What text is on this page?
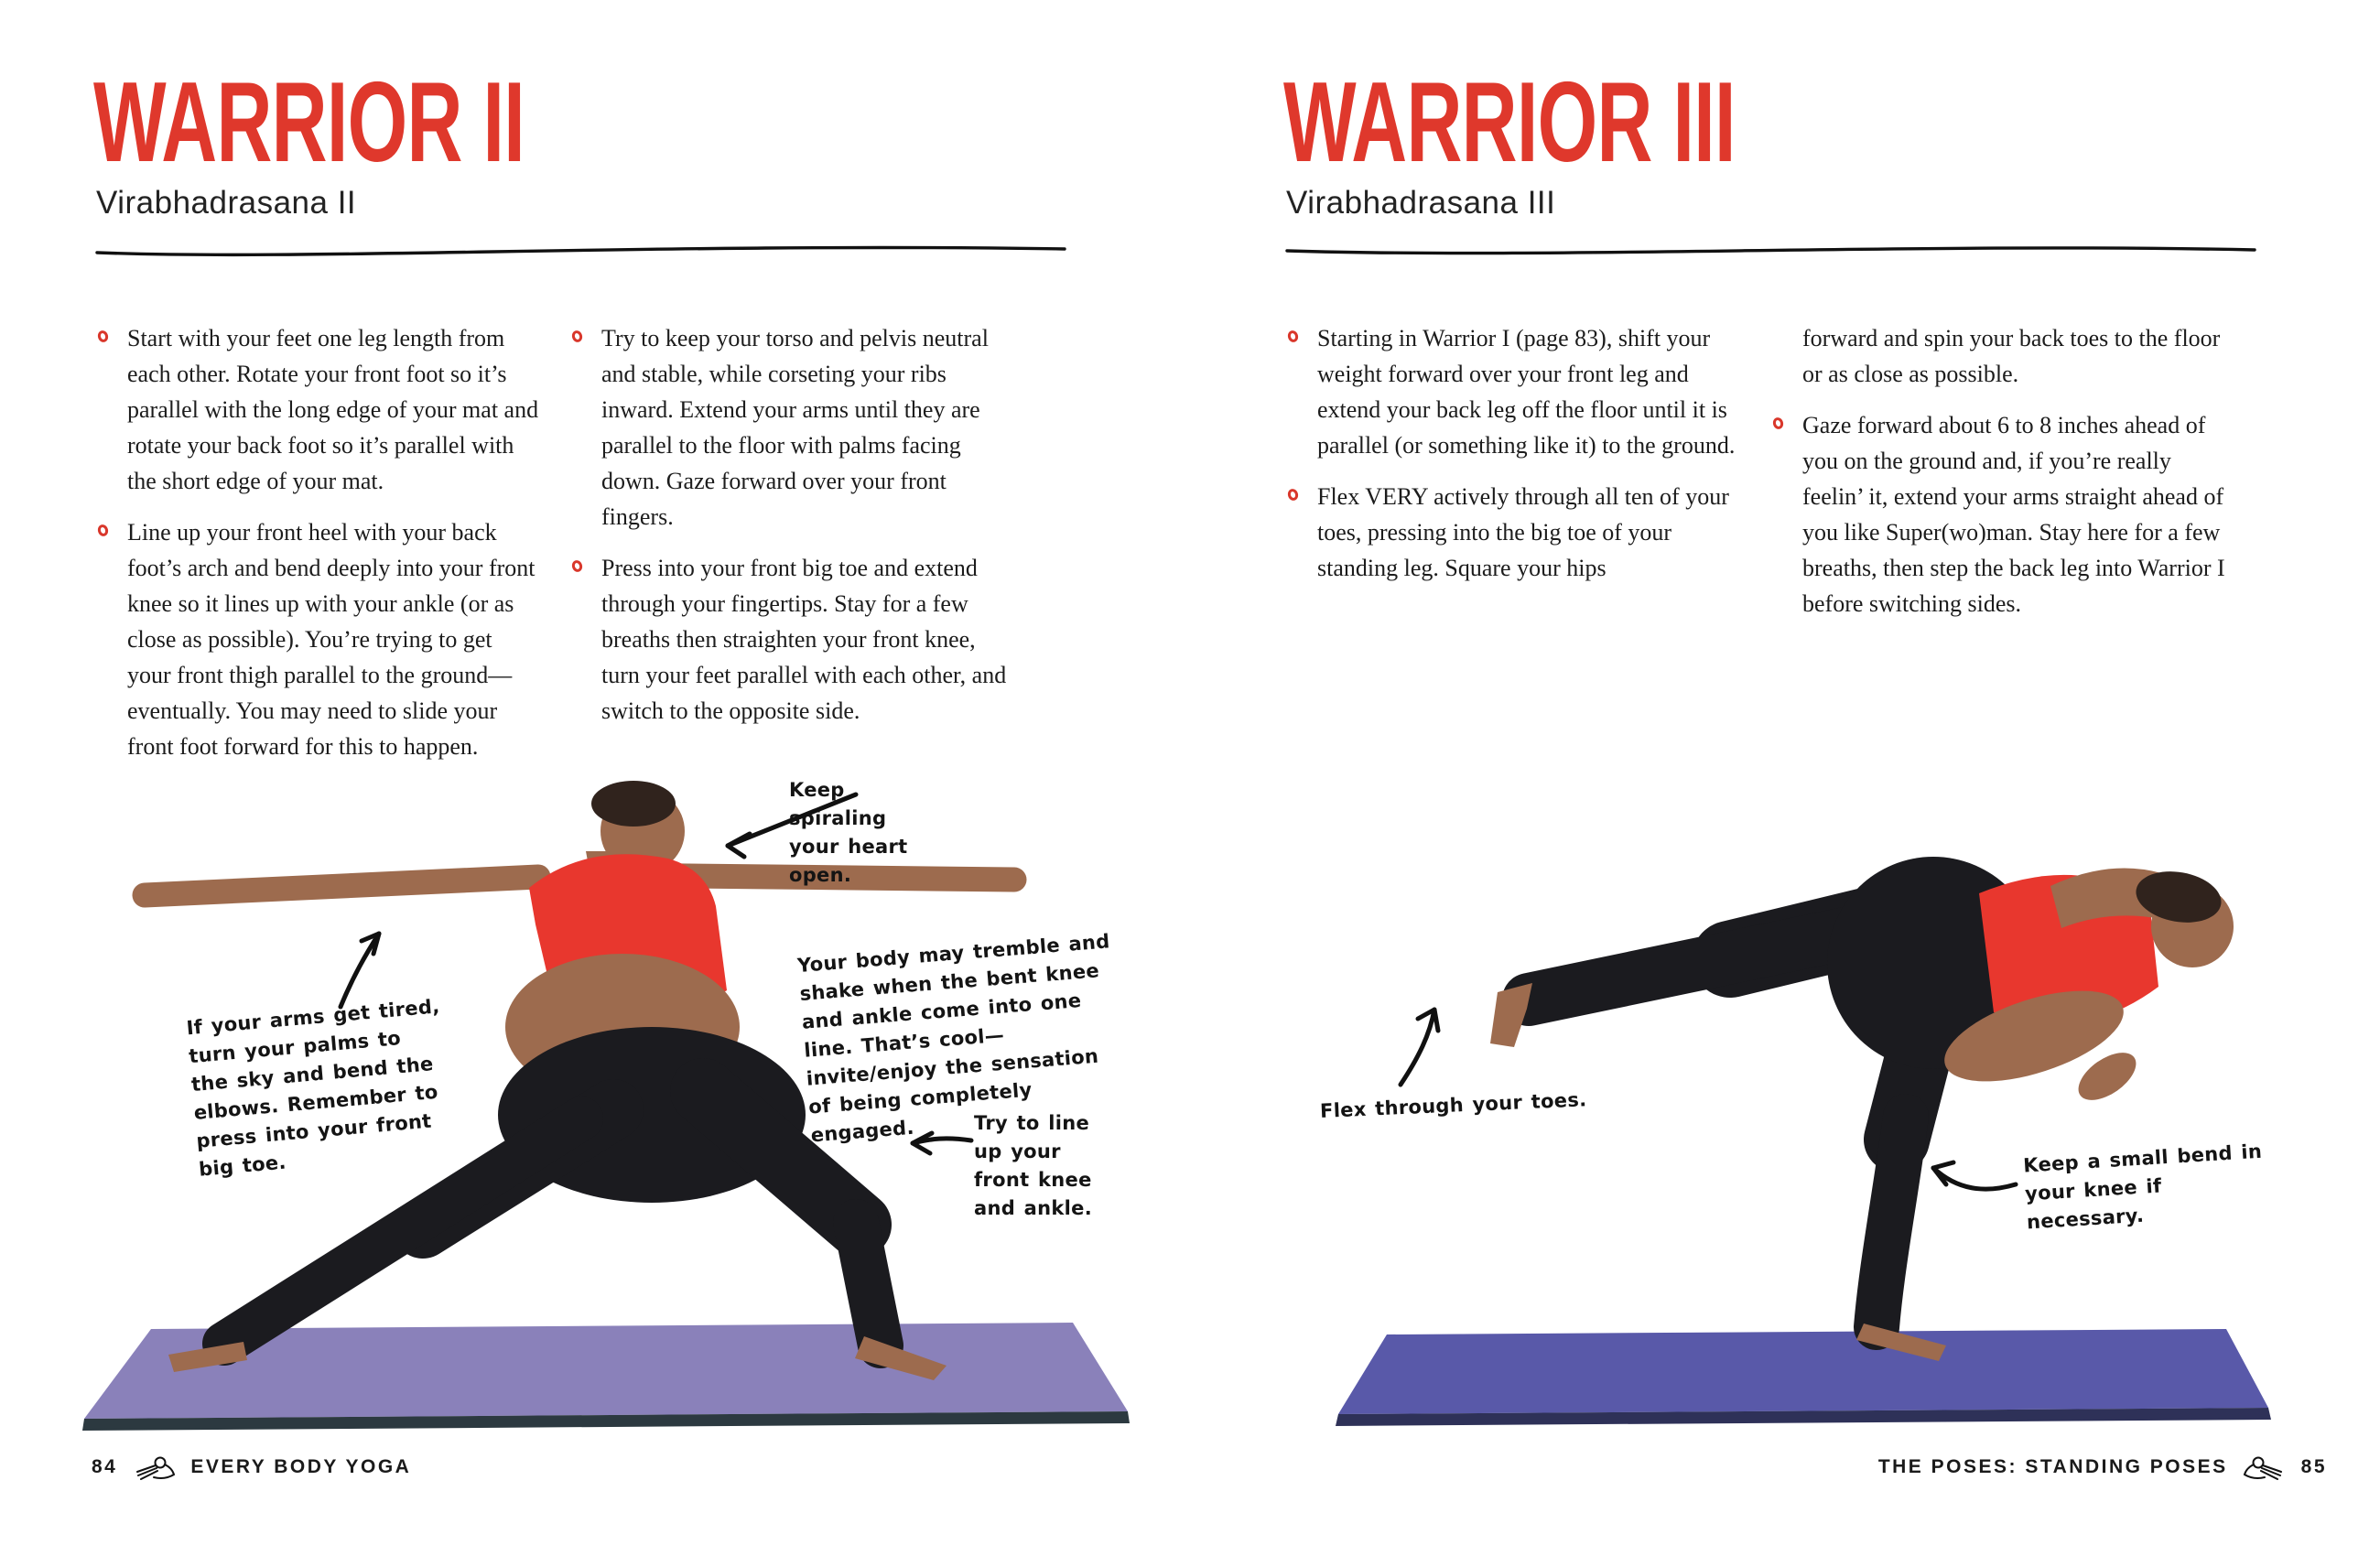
WARRIOR II
Virabhadrasana II
Start with your feet one leg length from each other. Rotate your front foot so it’s parallel with the long edge of your mat and rotate your back foot so it’s parallel with the short edge of your mat.
Line up your front heel with your back foot’s arch and bend deeply into your front knee so it lines up with your ankle (or as close as possible). You’re trying to get your front thigh parallel to the ground—eventually. You may need to slide your front foot forward for this to happen.
Try to keep your torso and pelvis neutral and stable, while corseting your ribs inward. Extend your arms until they are parallel to the floor with palms facing down. Gaze forward over your front fingers.
Press into your front big toe and extend through your fingertips. Stay for a few breaths then straighten your front knee, turn your feet parallel with each other, and switch to the opposite side.
Keep spiraling your heart open.
If your arms get tired, turn your palms to the sky and bend the elbows. Remember to press into your front big toe.
Your body may tremble and shake when the bent knee and ankle come into one line. That’s cool—invite/enjoy the sensation of being completely engaged.	Try to line up your front knee and ankle.
84	EVERY BODY YOGA
WARRIOR III
Virabhadrasana III
Starting in Warrior I (page 83), shift your weight forward over your front leg and extend your back leg off the floor until it is parallel (or something like it) to the ground.
Flex VERY actively through all ten of your toes, pressing into the big toe of your standing leg. Square your hips

forward and spin your back toes to the floor or as close as possible.

Gaze forward about 6 to 8 inches ahead of you on the ground and, if you’re really feelin’ it, extend your arms straight ahead of you like Super(wo)man. Stay here for a few breaths, then step the back leg into Warrior I before switching sides.
Flex through your toes.
Keep a small bend in your knee if necessary.
THE POSES: STANDING POSES	85
